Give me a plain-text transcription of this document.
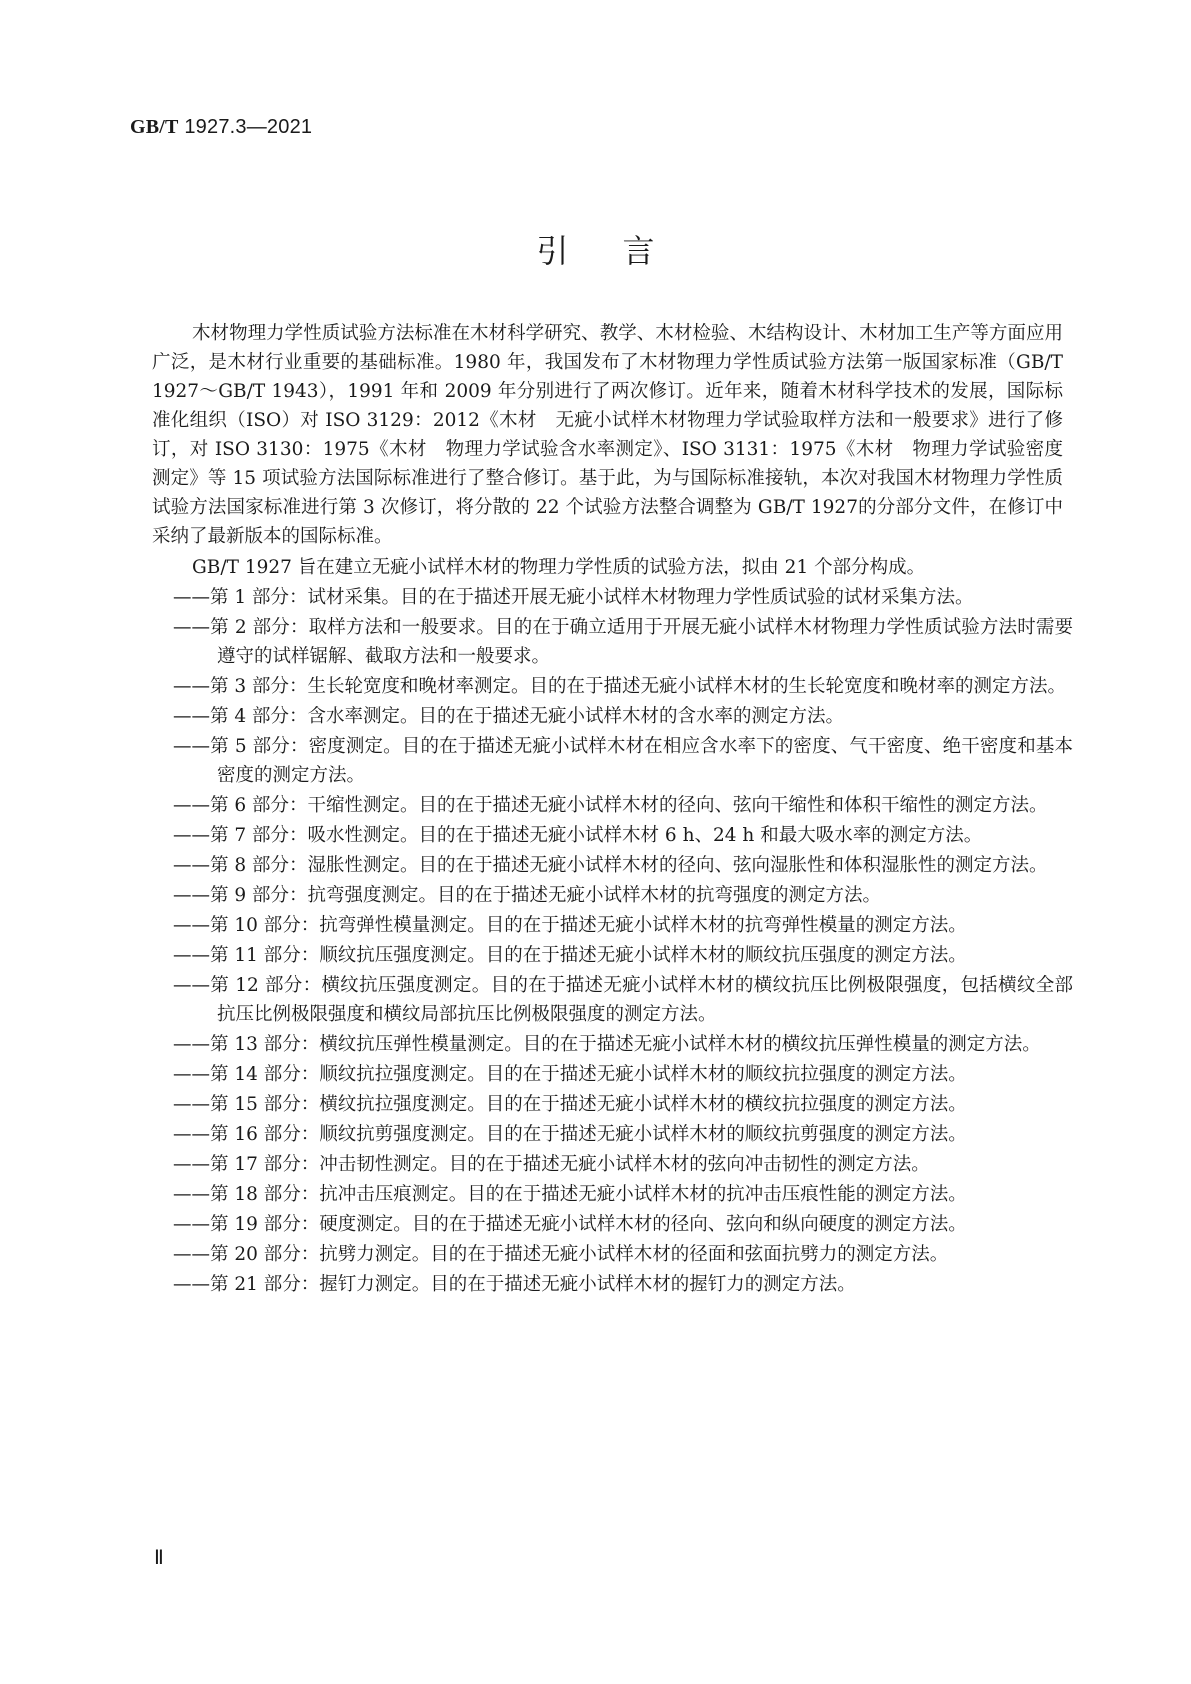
GB/T 1927.3—2021
引言

木材物理力学性质试验方法标准在木材科学研究、教学、木材检验、木结构设计、木材加工生产等方面应用广泛，是木材行业重要的基础标准。1980 年，我国发布了木材物理力学性质试验方法第一版国家标准（GB/T 1927～GB/T 1943），1991 年和 2009 年分别进行了两次修订。近年来，随着木材科学技术的发展，国际标准化组织（ISO）对 ISO 3129：2012《木材　无疵小试样木材物理力学试验取样方法和一般要求》进行了修订，对 ISO 3130：1975《木材　物理力学试验含水率测定》、ISO 3131：1975《木材　物理力学试验密度测定》等 15 项试验方法国际标准进行了整合修订。基于此，为与国际标准接轨，本次对我国木材物理力学性质试验方法国家标准进行第 3 次修订，将分散的 22 个试验方法整合调整为 GB/T 1927的分部分文件，在修订中采纳了最新版本的国际标准。

GB/T 1927 旨在建立无疵小试样木材的物理力学性质的试验方法，拟由 21 个部分构成。

——第 1 部分：试材采集。目的在于描述开展无疵小试样木材物理力学性质试验的试材采集方法。

——第 2 部分：取样方法和一般要求。目的在于确立适用于开展无疵小试样木材物理力学性质试验方法时需要遵守的试样锯解、截取方法和一般要求。

——第 3 部分：生长轮宽度和晚材率测定。目的在于描述无疵小试样木材的生长轮宽度和晚材率的测定方法。

——第 4 部分：含水率测定。目的在于描述无疵小试样木材的含水率的测定方法。

——第 5 部分：密度测定。目的在于描述无疵小试样木材在相应含水率下的密度、气干密度、绝干密度和基本密度的测定方法。

——第 6 部分：干缩性测定。目的在于描述无疵小试样木材的径向、弦向干缩性和体积干缩性的测定方法。

——第 7 部分：吸水性测定。目的在于描述无疵小试样木材 6 h、24 h 和最大吸水率的测定方法。

——第 8 部分：湿胀性测定。目的在于描述无疵小试样木材的径向、弦向湿胀性和体积湿胀性的测定方法。

——第 9 部分：抗弯强度测定。目的在于描述无疵小试样木材的抗弯强度的测定方法。

——第 10 部分：抗弯弹性模量测定。目的在于描述无疵小试样木材的抗弯弹性模量的测定方法。

——第 11 部分：顺纹抗压强度测定。目的在于描述无疵小试样木材的顺纹抗压强度的测定方法。

——第 12 部分：横纹抗压强度测定。目的在于描述无疵小试样木材的横纹抗压比例极限强度，包括横纹全部抗压比例极限强度和横纹局部抗压比例极限强度的测定方法。

——第 13 部分：横纹抗压弹性模量测定。目的在于描述无疵小试样木材的横纹抗压弹性模量的测定方法。

——第 14 部分：顺纹抗拉强度测定。目的在于描述无疵小试样木材的顺纹抗拉强度的测定方法。

——第 15 部分：横纹抗拉强度测定。目的在于描述无疵小试样木材的横纹抗拉强度的测定方法。

——第 16 部分：顺纹抗剪强度测定。目的在于描述无疵小试样木材的顺纹抗剪强度的测定方法。

——第 17 部分：冲击韧性测定。目的在于描述无疵小试样木材的弦向冲击韧性的测定方法。

——第 18 部分：抗冲击压痕测定。目的在于描述无疵小试样木材的抗冲击压痕性能的测定方法。

——第 19 部分：硬度测定。目的在于描述无疵小试样木材的径向、弦向和纵向硬度的测定方法。

——第 20 部分：抗劈力测定。目的在于描述无疵小试样木材的径面和弦面抗劈力的测定方法。

——第 21 部分：握钉力测定。目的在于描述无疵小试样木材的握钉力的测定方法。

Ⅱ
